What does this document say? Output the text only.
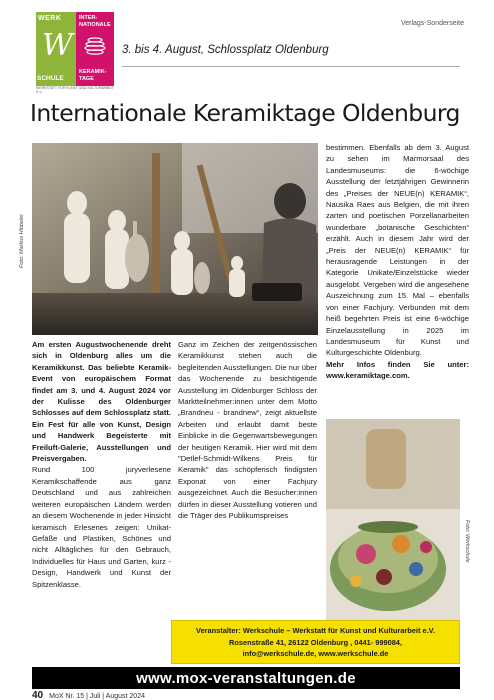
WERK
W
SCHULE
INTER-
NATIONALE
KERAMIK-
TAGE
WERKSTATT FÜR KUNST UND KULTURARBEIT E.V.
Verlags-Sonderseite
3. bis 4. August, Schlossplatz Oldenburg
Internationale Keramiktage Oldenburg
Foto: Markus Hibbeler

Am ersten Augustwochenende dreht sich in Oldenburg alles um die Keramikkunst. Das beliebte Keramik-Event von europäischem Format findet am 3. und 4. August 2024 vor der Kulisse des Oldenburger Schlosses auf dem Schlossplatz statt. Ein Fest für alle von Kunst, Design und Handwerk Begeisterte mit Freiluft-Galerie, Ausstellungen und Preisvergaben.

Rund 100 juryverlesene Keramikschaffende aus ganz Deutschland und aus zahlreichen weiteren europäischen Ländern werden an diesem Wochenende in jeder Hinsicht keramisch Erlesenes zeigen: Unikat-Gefäße und Plastiken, Schönes und nicht Alltägliches für den Gebrauch, Individuelles für Haus und Garten, kurz - Design, Handwerk und Kunst der Spitzenklasse.

Ganz im Zeichen der zeitgenössischen Keramikkunst stehen auch die begleitenden Ausstellungen. Die nur über das Wochenende zu besichtigende Ausstellung im Oldenburger Schloss der Marktteilnehmer:innen unter dem Motto „Brandneu - brandnew“, zeigt aktuellste Arbeiten und erlaubt damit beste Einblicke in die Gegenwartsbewegungen der heutigen Keramik. Hier wird mit dem "Detlef-Schmidt-Wilkens Preis für Keramik" das schöpferisch findigsten Exponat von einer Fachjury ausgezeichnet. Auch die Besucher:innen dürfen in dieser Ausstellung votieren und die Träger des Publikumspreises

bestimmen. Ebenfalls ab dem 3. August zu sehen im Marmorsaal des Landesmuseums: die 6-wöchige Ausstellung der letztjährigen Gewinnerin des „Preises der NEUE(n) KERAMIK“, Nausika Raes aus Belgien, die mit ihren zarten und poetischen Porzellanarbeiten wunderbare „botanische Geschichten“ erzählt. Auch in diesem Jahr wird der „Preis der NEUE(n) KERAMIK“ für herausragende Leistungen in der Kategorie Unikate/Einzelstücke wieder ausgelobt. Vergeben wird die angesehene Auszeichnung zum 15. Mal – ebenfalls von einer Fachjury. Verbunden mit dem heiß begehrten Preis ist eine 6-wöchige Einzelausstellung in 2025 im Landesmuseum für Kunst und Kulturgeschichte Oldenburg.

Mehr Infos finden Sie unter: www.keramiktage.com.

Foto: Werkschule
Veranstalter: Werkschule – Werkstatt für Kunst und Kulturarbeit e.V.
Rosenstraße 41, 26122 Oldenburg , 0441- 999084,
info@werkschule.de, www.werkschule.de
www.mox-veranstaltungen.de
40 MoX Nr. 15 | Juli | August 2024
